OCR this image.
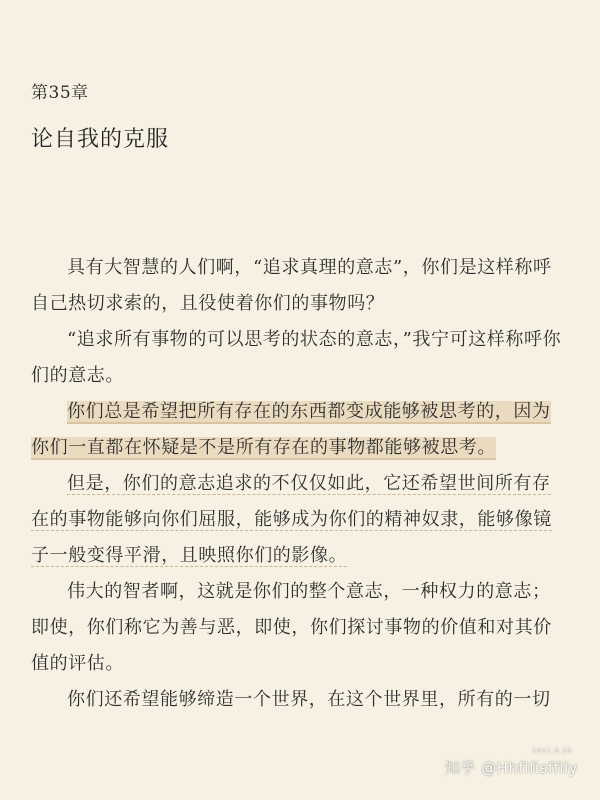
第35章
论自我的克服

具有大智慧的人们啊，“追求真理的意志”，你们是这样称呼自己热切求索的，且役使着你们的事物吗？

“追求所有事物的可以思考的状态的意志，”我宁可这样称呼你们的意志。

你们总是希望把所有存在的东西都变成能够被思考的，因为你们一直都在怀疑是不是所有存在的事物都能够被思考。

但是，你们的意志追求的不仅仅如此，它还希望世间所有存在的事物能够向你们屈服，能够成为你们的精神奴隶，能够像镜子一般变得平滑，且映照你们的影像。

伟大的智者啊，这就是你们的整个意志，一种权力的意志；即使，你们称它为善与恶，即使，你们探讨事物的价值和对其价值的评估。

你们还希望能够缔造一个世界，在这个世界里，所有的一切

知乎 @Hhfifisffily
2021.6.29
